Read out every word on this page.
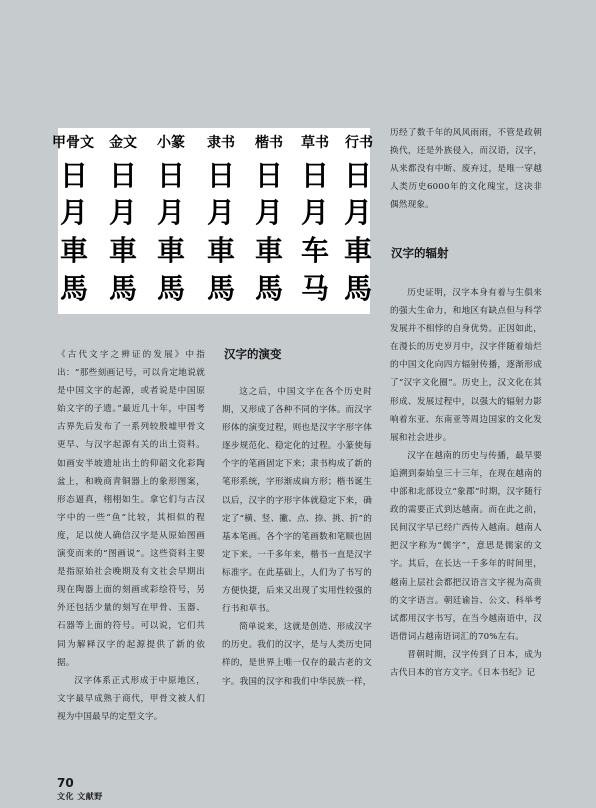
甲骨文	金文	小篆	隶书	楷书	草书	行书
日 日 日 日 日 日 日
月 月 月 月 月 月 月
車 車 車 車 車 车 車
馬 馬 馬 馬 馬 马 馬

《古代文字之辨证的发展》中指出：“那些刻画记号，可以肯定地说就是中国文字的起源，或者说是中国原始文字的子遗。”最近几十年，中国考古界先后发布了一系列较殷墟甲骨文更早、与汉字起源有关的出土资料。如画安半坡遗址出土的仰韶文化彩陶盆上，和晚商青铜器上的象形图案，形态逼真，栩栩如生。拿它们与古汉字中的一些“鱼”比较，其相似的程度，足以使人确信汉字是从原始图画演变而来的“图画说”。这些资料主要是指原始社会晚期及有文社会早期出现在陶器上面的刻画或彩绘符号，另外还包括少量的刻写在甲骨、玉器、石器等上面的符号。可以说，它们共同为解释汉字的起源提供了新的依据。

汉字体系正式形成于中原地区，文字最早成熟于商代，甲骨文被人们视为中国最早的定型文字。

汉字的演变

这之后，中国文字在各个历史时期，又形成了各种不同的字体。而汉字形体的演变过程，则也是汉字字形字体逐步规范化、稳定化的过程。小篆使每个字的笔画固定下来；隶书构成了新的笔形系统，字形渐成扁方形；楷书诞生以后，汉字的字形字体就稳定下来，确定了“横、竖、撇、点、捺、挑、折”的基本笔画。各个字的笔画数和笔顺也固定下来。一千多年来，楷书一直是汉字标准字。在此基础上，人们为了书写的方便快捷，后来又出现了实用性较强的行书和草书。

简单说来，这就是创造、形成汉字的历史。我们的汉字，是与人类历史同样的，是世界上唯一仅存的最古老的文字。我国的汉字和我们中华民族一样，

历经了数千年的风风雨雨，不管是政朝换代，还是外族侵入，而汉语，汉字，从来都没有中断、废弃过，是唯一穿越人类历史6000年的文化瑰宝，这决非偶然现象。

汉字的辐射

历史证明，汉字本身有着与生俱来的强大生命力，和地区有缺点但与科学发展并不相悖的自身优势。正因如此，在漫长的历史岁月中，汉字伴随着灿烂的中国文化向四方辐射传播，逐渐形成了“汉字文化圈”。历史上，汉文化在其形成、发展过程中，以强大的辐射力影响着东亚、东南亚等周边国家的文化发展和社会进步。

汉字在越南的历史与传播，最早要追溯到秦始皇三十三年，在现在越南的中部和北部设立“象郡”时期，汉字随行政的需要正式到达越南。而在此之前，民间汉字早已经广西传入越南。越南人把汉字称为“儒字”，意思是儒家的文字。其后，在长达一千多年的时间里，越南上层社会都把汉语言文字视为高贵的文字语言。朝廷谕旨、公文、科举考试都用汉字书写，在当今越南语中，汉语借词占越南语词汇的70%左右。

晋朝时期，汉字传到了日本，成为古代日本的官方文字。《日本书纪》记

70
文化 文献野
